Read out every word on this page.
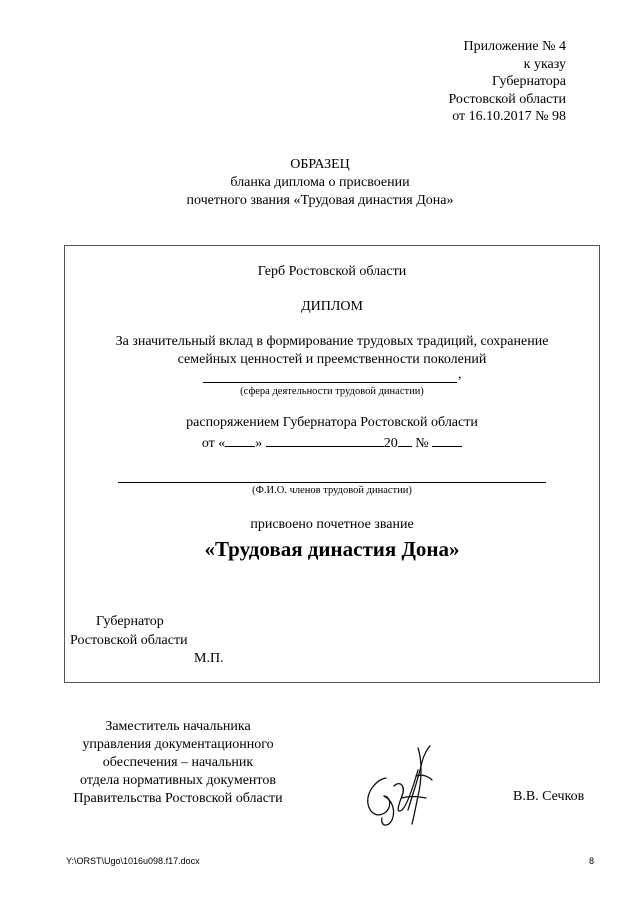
Приложение № 4
к указу
Губернатора
Ростовской области
от 16.10.2017 № 98
ОБРАЗЕЦ
бланка диплома о присвоении
почетного звания «Трудовая династия Дона»
Герб Ростовской области
ДИПЛОМ
За значительный вклад в формирование трудовых традиций, сохранение
семейных ценностей и преемственности поколений
,
(сфера деятельности трудовой династии)
распоряжением Губернатора Ростовской области
от « »	20 №
(Ф.И.О. членов трудовой династии)
присвоено почетное звание
«Трудовая династия Дона»
Губернатор
Ростовской области
М.П.
Заместитель начальника
управления документационного
обеспечения – начальник
отдела нормативных документов
Правительства Ростовской области	В.В. Сечков
Y:\ORST\Ugo\1016u098.f17.docx	8
